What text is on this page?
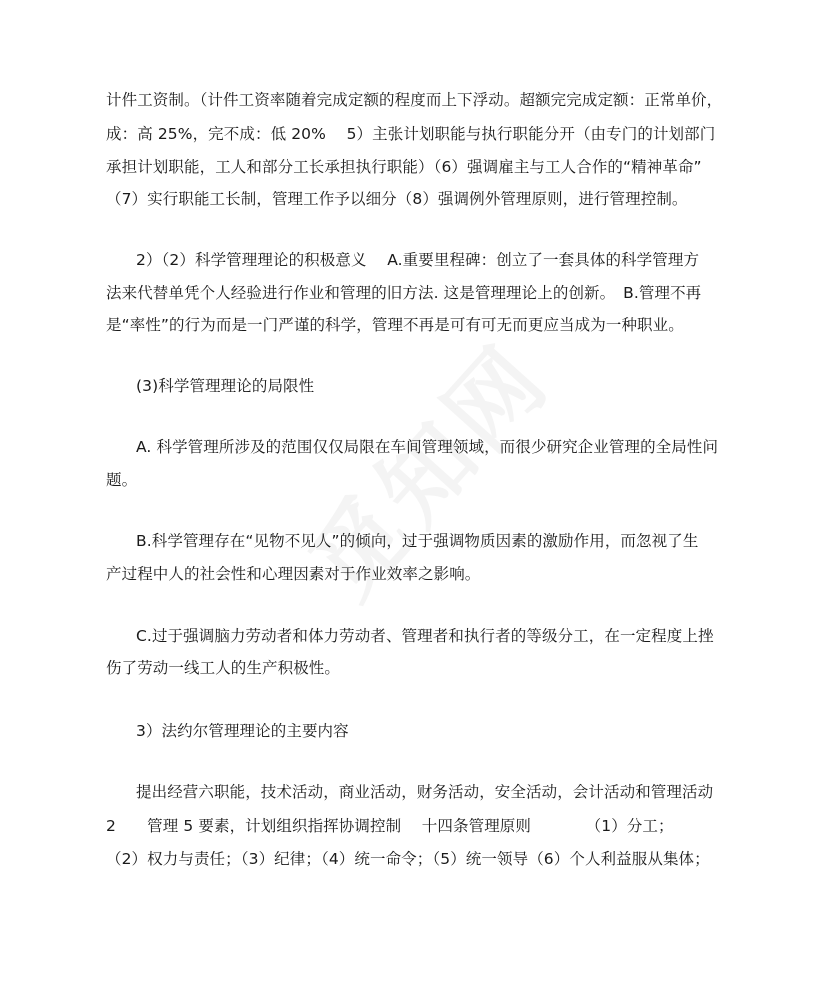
计件工资制。（计件工资率随着完成定额的程度而上下浮动。超额完完成定额：正常单价，
成：高 25%，完不成：低 20%　 5）主张计划职能与执行职能分开（由专门的计划部门
承担计划职能，工人和部分工长承担执行职能）（6）强调雇主与工人合作的“精神革命”
（7）实行职能工长制，管理工作予以细分（8）强调例外管理原则，进行管理控制。
2）（2）科学管理理论的积极意义　 A.重要里程碑：创立了一套具体的科学管理方
法来代替单凭个人经验进行作业和管理的旧方法. 这是管理理论上的创新。　B.管理不再
是“率性”的行为而是一门严谨的科学，管理不再是可有可无而更应当成为一种职业。
(3)科学管理理论的局限性
A. 科学管理所涉及的范围仅仅局限在车间管理领域，而很少研究企业管理的全局性问
题。
B.科学管理存在“见物不见人”的倾向，过于强调物质因素的激励作用，而忽视了生
产过程中人的社会性和心理因素对于作业效率之影响。
C.过于强调脑力劳动者和体力劳动者、管理者和执行者的等级分工，在一定程度上挫
伤了劳动一线工人的生产积极性。
3）法约尔管理理论的主要内容
提出经营六职能，技术活动，商业活动，财务活动，安全活动，会计活动和管理活动
2　　管理 5 要素，计划组织指挥协调控制　 十四条管理原则　　　　（1）分工；
（2）权力与责任；（3）纪律；（4）统一命令；（5）统一领导（6）个人利益服从集体；
